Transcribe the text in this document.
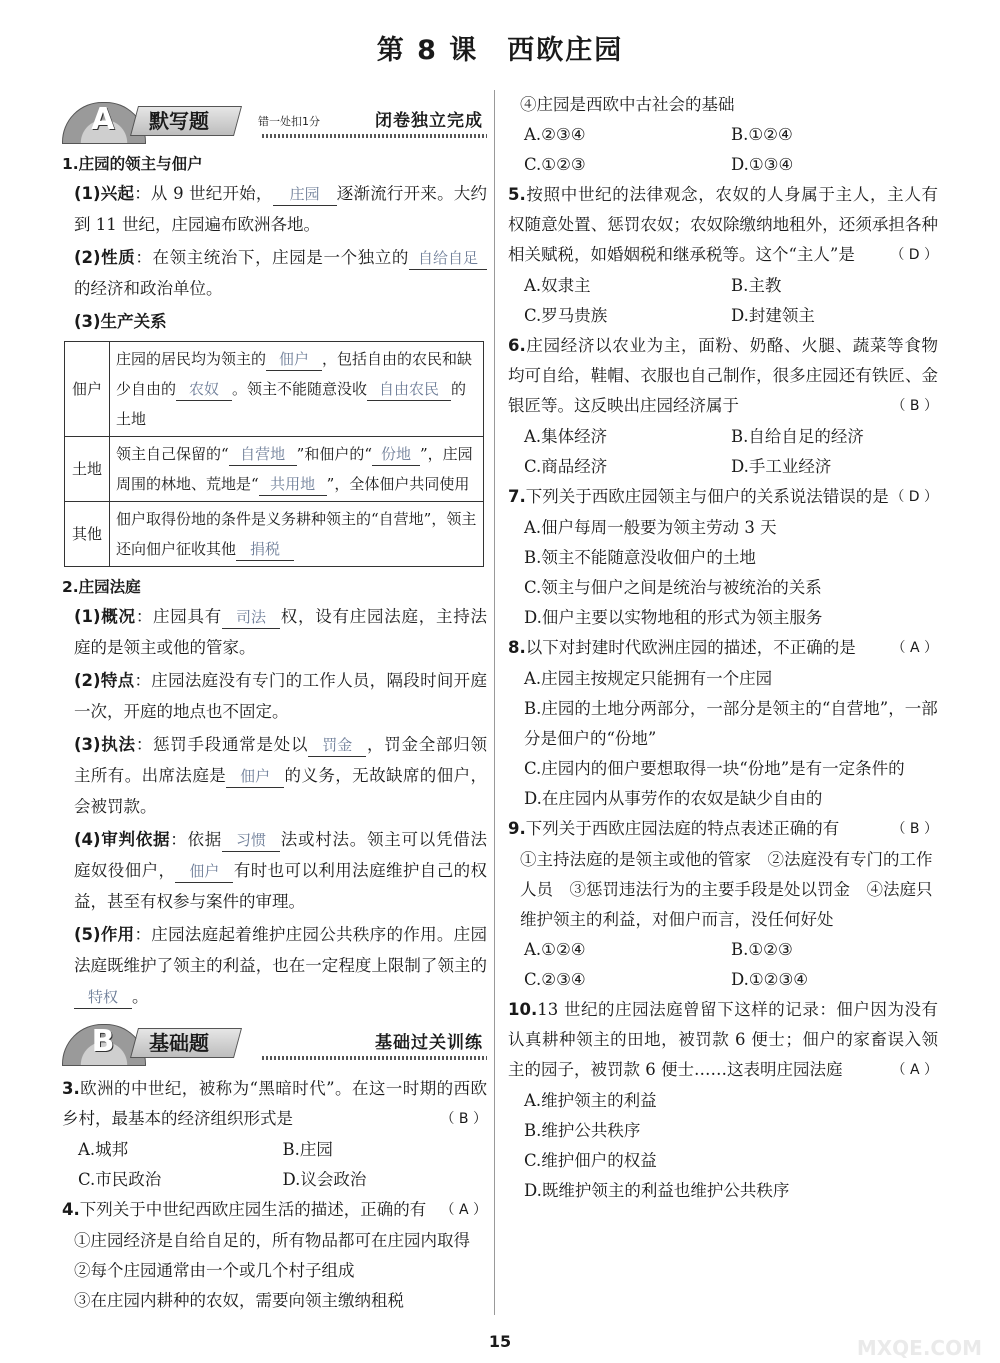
第 8 课　西欧庄园
A	默写题	错一处扣1分	闭卷独立完成
1.庄园的领主与佃户
(1)兴起：从 9 世纪开始， 庄园 逐渐流行开来。大约到 11 世纪，庄园遍布欧洲各地。
(2)性质：在领主统治下，庄园是一个独立的 自给自足的经济和政治单位。
(3)生产关系
佃户	庄园的居民均为领主的 佃户 ，包括自由的农民和缺少自由的 农奴 。领主不能随意没收 自由农民 的土地
土地	领主自己保留的“ 自营地 ”和佃户的“ 份地 ”，庄园周围的林地、荒地是“ 共用地 ”，全体佃户共同使用
其他	佃户取得份地的条件是义务耕种领主的“自营地”，领主还向佃户征收其他 捐税
2.庄园法庭
(1)概况：庄园具有 司法 权，设有庄园法庭，主持法庭的是领主或他的管家。
(2)特点：庄园法庭没有专门的工作人员，隔段时间开庭一次，开庭的地点也不固定。
(3)执法：惩罚手段通常是处以 罚金 ，罚金全部归领主所有。出席法庭是 佃户 的义务，无故缺席的佃户，会被罚款。
(4)审判依据：依据 习惯 法或村法。领主可以凭借法庭奴役佃户， 佃户 有时也可以利用法庭维护自己的权益，甚至有权参与案件的审理。
(5)作用：庄园法庭起着维护庄园公共秩序的作用。庄园法庭既维护了领主的利益，也在一定程度上限制了领主的特权 。
B	基础题	基础过关训练
3.欧洲的中世纪，被称为“黑暗时代”。在这一时期的西欧乡村，最基本的经济组织形式是	（ B ）
A.城邦	B.庄园
C.市民政治	D.议会政治
4.下列关于中世纪西欧庄园生活的描述，正确的有 （ A ）
①庄园经济是自给自足的，所有物品都可在庄园内取得　②每个庄园通常由一个或几个村子组成
③在庄园内耕种的农奴，需要向领主缴纳租税
④庄园是西欧中古社会的基础
A.②③④	B.①②④
C.①②③	D.①③④
5.按照中世纪的法律观念，农奴的人身属于主人，主人有权随意处置、惩罚农奴；农奴除缴纳地租外，还须承担各种相关赋税，如婚姻税和继承税等。这个“主人”是	（ D ）
A.奴隶主	B.主教
C.罗马贵族	D.封建领主
6.庄园经济以农业为主，面粉、奶酪、火腿、蔬菜等食物均可自给，鞋帽、衣服也自己制作，很多庄园还有铁匠、金银匠等。这反映出庄园经济属于	（ B ）
A.集体经济	B.自给自足的经济
C.商品经济	D.手工业经济
7.下列关于西欧庄园领主与佃户的关系说法错误的是 （ D ）
A.佃户每周一般要为领主劳动 3 天
B.领主不能随意没收佃户的土地
C.领主与佃户之间是统治与被统治的关系
D.佃户主要以实物地租的形式为领主服务
8.以下对封建时代欧洲庄园的描述，不正确的是	（ A ）
A.庄园主按规定只能拥有一个庄园
B.庄园的土地分两部分，一部分是领主的“自营地”，一部分是佃户的“份地”
C.庄园内的佃户要想取得一块“份地”是有一定条件的
D.在庄园内从事劳作的农奴是缺少自由的
9.下列关于西欧庄园法庭的特点表述正确的有	（ B ）
①主持法庭的是领主或他的管家　②法庭没有专门的工作人员　③惩罚违法行为的主要手段是处以罚金　④法庭只维护领主的利益，对佃户而言，没任何好处
A.①②④	B.①②③
C.②③④	D.①②③④
10.13 世纪的庄园法庭曾留下这样的记录：佃户因为没有认真耕种领主的田地，被罚款 6 便士；佃户的家畜误入领主的园子，被罚款 6 便士……这表明庄园法庭	（ A ）
A.维护领主的利益
B.维护公共秩序
C.维护佃户的权益
D.既维护领主的利益也维护公共秩序
15	MXQE.COM
